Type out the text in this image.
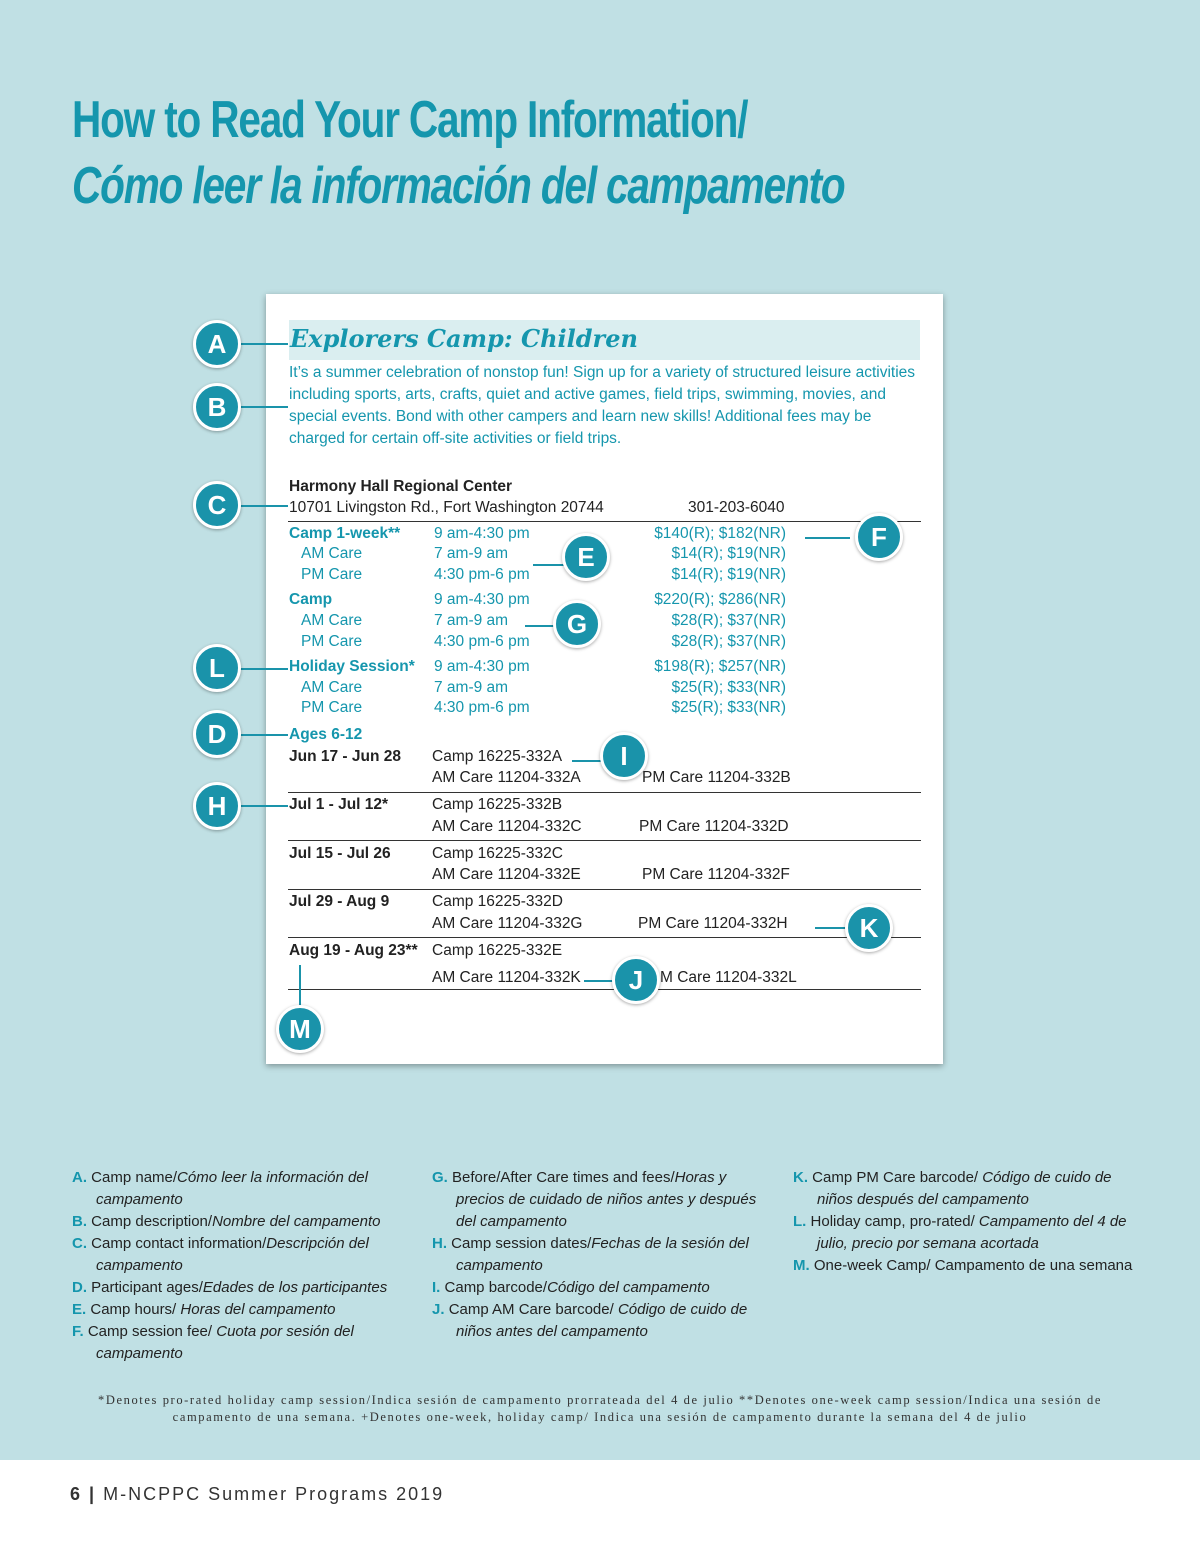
How to Read Your Camp Information/
Cómo leer la información del campamento
Explorers Camp: Children

It’s a summer celebration of nonstop fun! Sign up for a variety of structured leisure activities including sports, arts, crafts, quiet and active games, field trips, swimming, movies, and special events. Bond with other campers and learn new skills! Additional fees may be charged for certain off-site activities or field trips.

Harmony Hall Regional Center
10701 Livingston Rd., Fort Washington 20744	301-203-6040
Camp 1-week** 9 am-4:30 pm	$140(R); $182(NR)
AM Care	7 am-9 am	$14(R); $19(NR)
PM Care	4:30 pm-6 pm	$14(R); $19(NR)
Camp	9 am-4:30 pm	$220(R); $286(NR)
AM Care	7 am-9 am	$28(R); $37(NR)
PM Care	4:30 pm-6 pm	$28(R); $37(NR)
Holiday Session* 9 am-4:30 pm	$198(R); $257(NR)
AM Care	7 am-9 am	$25(R); $33(NR)
PM Care	4:30 pm-6 pm	$25(R); $33(NR)
Ages 6-12
Jun 17 - Jun 28 Camp 16225-332A
AM Care 11204-332A	PM Care 11204-332B
Jul 1 - Jul 12*	Camp 16225-332B
AM Care 11204-332C	PM Care 11204-332D
Jul 15 - Jul 26	Camp 16225-332C
AM Care 11204-332E	PM Care 11204-332F
Jul 29 - Aug 9	Camp 16225-332D
AM Care 11204-332G	PM Care 11204-332H
Aug 19 - Aug 23** Camp 16225-332E
AM Care 11204-332K	M Care 11204-332L
A
B
C
D
E
F
G
H
I
J
K
L
M

A. Camp name/Cómo leer la información del campamento

B. Camp description/Nombre del campamento

C. Camp contact information/Descripción del campamento

D. Participant ages/Edades de los participantes

E. Camp hours/ Horas del campamento

F. Camp session fee/ Cuota por sesión del campamento

G. Before/After Care times and fees/Horas y precios de cuidado de niños antes y después del campamento

H. Camp session dates/Fechas de la sesión del campamento

I. Camp barcode/Código del campamento

J. Camp AM Care barcode/ Código de cuido de niños antes del campamento

K. Camp PM Care barcode/ Código de cuido de niños después del campamento

L. Holiday camp, pro-rated/ Campamento del 4 de julio, precio por semana acortada

M. One-week Camp/ Campamento de una semana

*Denotes pro-rated holiday camp session/Indica sesión de campamento prorrateada del 4 de julio **Denotes one-week camp session/Indica una sesión de campamento de una semana. +Denotes one-week, holiday camp/ Indica una sesión de campamento durante la semana del 4 de julio

6 | M-NCPPC Summer Programs 2019
